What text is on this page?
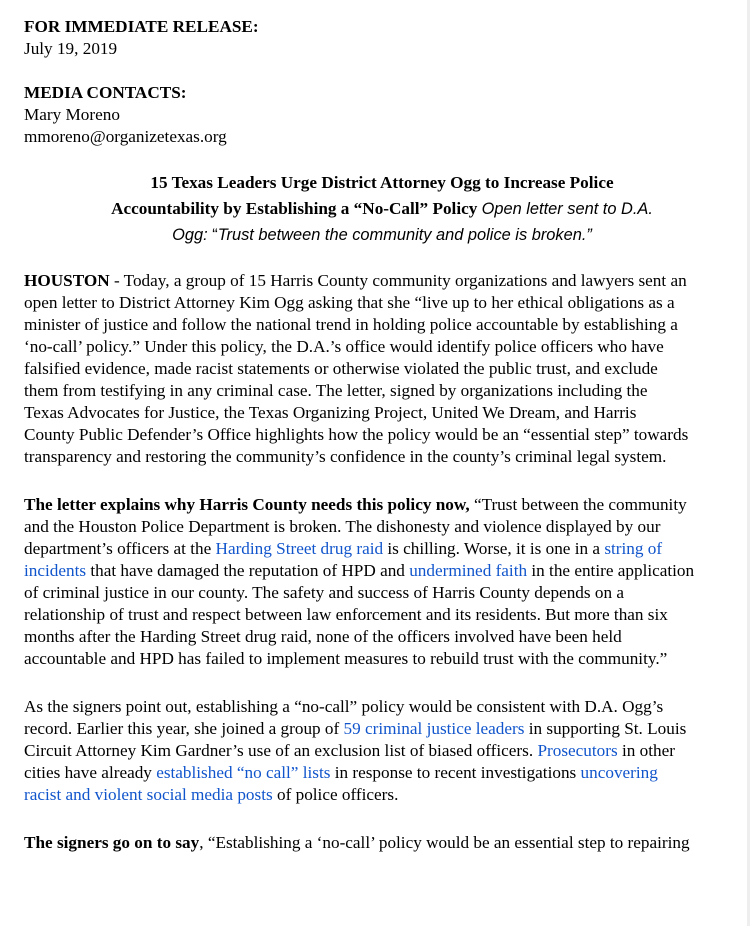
FOR IMMEDIATE RELEASE:
July 19, 2019
MEDIA CONTACTS:
Mary Moreno
mmoreno@organizetexas.org
15 Texas Leaders Urge District Attorney Ogg to Increase Police
Accountability by Establishing a “No-Call” Policy Open letter sent to D.A.
Ogg: “Trust between the community and police is broken.”
HOUSTON - Today, a group of 15 Harris County community organizations and lawyers sent an
open letter to District Attorney Kim Ogg asking that she “live up to her ethical obligations as a
minister of justice and follow the national trend in holding police accountable by establishing a
‘no-call’ policy.” Under this policy, the D.A.’s office would identify police officers who have
falsified evidence, made racist statements or otherwise violated the public trust, and exclude
them from testifying in any criminal case. The letter, signed by organizations including the
Texas Advocates for Justice, the Texas Organizing Project, United We Dream, and Harris
County Public Defender’s Office highlights how the policy would be an “essential step” towards
transparency and restoring the community’s confidence in the county’s criminal legal system.
The letter explains why Harris County needs this policy now, “Trust between the community
and the Houston Police Department is broken. The dishonesty and violence displayed by our
department’s officers at the Harding Street drug raid is chilling. Worse, it is one in a string of
incidents that have damaged the reputation of HPD and undermined faith in the entire application
of criminal justice in our county. The safety and success of Harris County depends on a
relationship of trust and respect between law enforcement and its residents. But more than six
months after the Harding Street drug raid, none of the officers involved have been held
accountable and HPD has failed to implement measures to rebuild trust with the community.”
As the signers point out, establishing a “no-call” policy would be consistent with D.A. Ogg’s
record. Earlier this year, she joined a group of 59 criminal justice leaders in supporting St. Louis
Circuit Attorney Kim Gardner’s use of an exclusion list of biased officers. Prosecutors in other
cities have already established “no call” lists in response to recent investigations uncovering
racist and violent social media posts of police officers.
The signers go on to say, “Establishing a ‘no-call’ policy would be an essential step to repairing
